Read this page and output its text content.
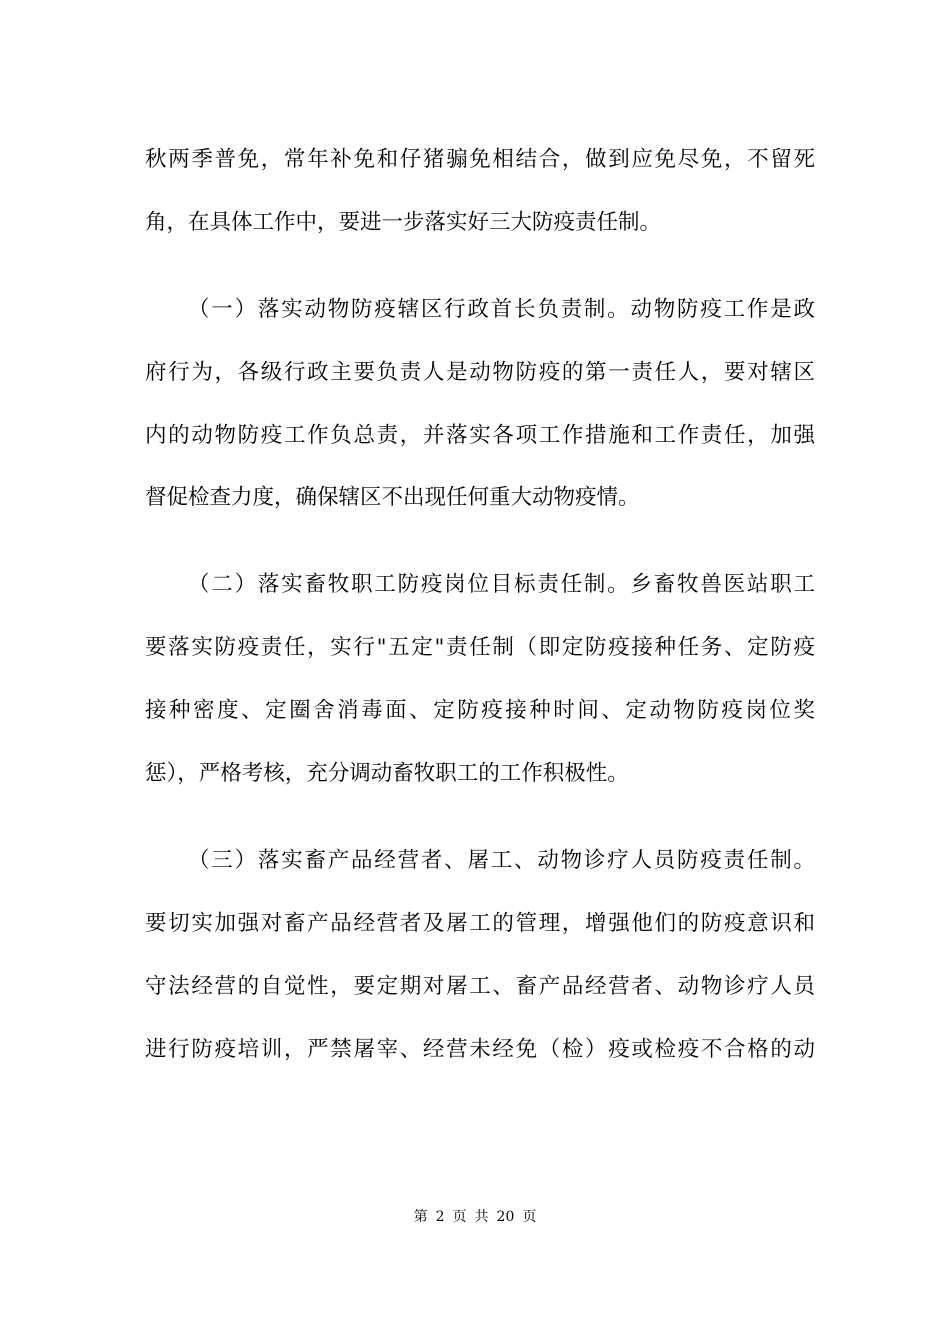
秋两季普免，常年补免和仔猪骟免相结合，做到应免尽免，不留死
角，在具体工作中，要进一步落实好三大防疫责任制。
（一）落实动物防疫辖区行政首长负责制。动物防疫工作是政
府行为，各级行政主要负责人是动物防疫的第一责任人，要对辖区
内的动物防疫工作负总责，并落实各项工作措施和工作责任，加强
督促检查力度，确保辖区不出现任何重大动物疫情。
（二）落实畜牧职工防疫岗位目标责任制。乡畜牧兽医站职工
要落实防疫责任，实行"五定"责任制（即定防疫接种任务、定防疫
接种密度、定圈舍消毒面、定防疫接种时间、定动物防疫岗位奖
惩），严格考核，充分调动畜牧职工的工作积极性。
（三）落实畜产品经营者、屠工、动物诊疗人员防疫责任制。
要切实加强对畜产品经营者及屠工的管理，增强他们的防疫意识和
守法经营的自觉性，要定期对屠工、畜产品经营者、动物诊疗人员
进行防疫培训，严禁屠宰、经营未经免（检）疫或检疫不合格的动
第 2 页 共 20 页
